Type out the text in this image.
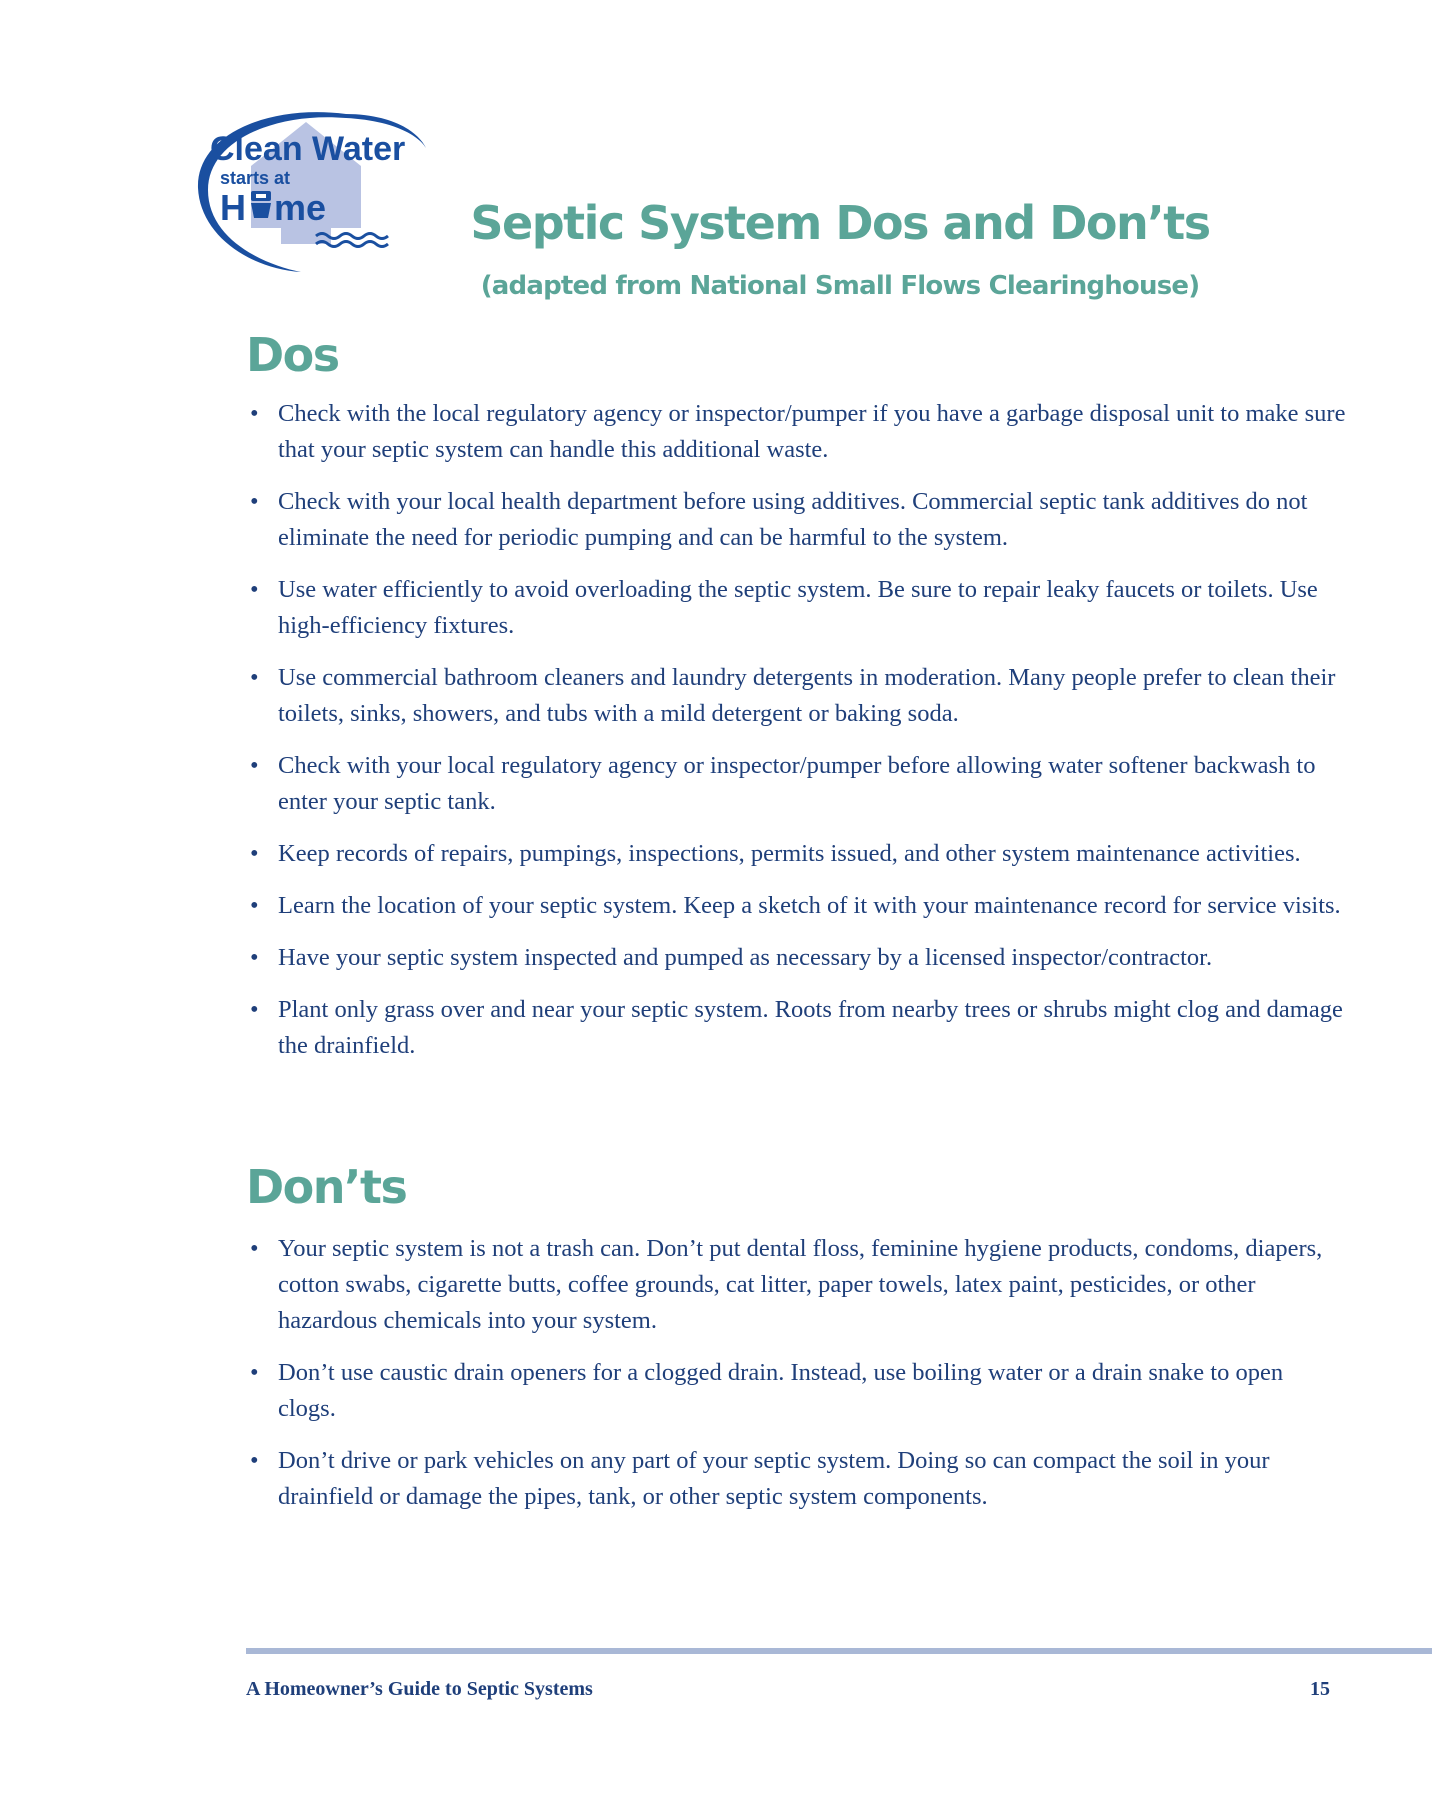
Clean Water
starts at
H me	Septic System Dos and Don’ts
(adapted from National Small Flows Clearinghouse)
Dos
• Check with the local regulatory agency or inspector/pumper if you have a garbage disposal unit to make sure that your septic system can handle this additional waste.
• Check with your local health department before using additives. Commercial septic tank additives do not eliminate the need for periodic pumping and can be harmful to the system.
• Use water efficiently to avoid overloading the septic system. Be sure to repair leaky faucets or toilets. Use high-efficiency fixtures.
• Use commercial bathroom cleaners and laundry detergents in moderation. Many people prefer to clean their toilets, sinks, showers, and tubs with a mild detergent or baking soda.
• Check with your local regulatory agency or inspector/pumper before allowing water softener backwash to enter your septic tank.
• Keep records of repairs, pumpings, inspections, permits issued, and other system maintenance activities.
• Learn the location of your septic system. Keep a sketch of it with your maintenance record for service visits.
• Have your septic system inspected and pumped as necessary by a licensed inspector/contractor.
• Plant only grass over and near your septic system. Roots from nearby trees or shrubs might clog and damage the drainfield.
Don’ts
• Your septic system is not a trash can. Don’t put dental floss, feminine hygiene products, condoms, diapers, cotton swabs, cigarette butts, coffee grounds, cat litter, paper towels, latex paint, pesticides, or other hazardous chemicals into your system.
• Don’t use caustic drain openers for a clogged drain. Instead, use boiling water or a drain snake to open clogs.
• Don’t drive or park vehicles on any part of your septic system. Doing so can compact the soil in your drainfield or damage the pipes, tank, or other septic system components.
A Homeowner’s Guide to Septic Systems	15
